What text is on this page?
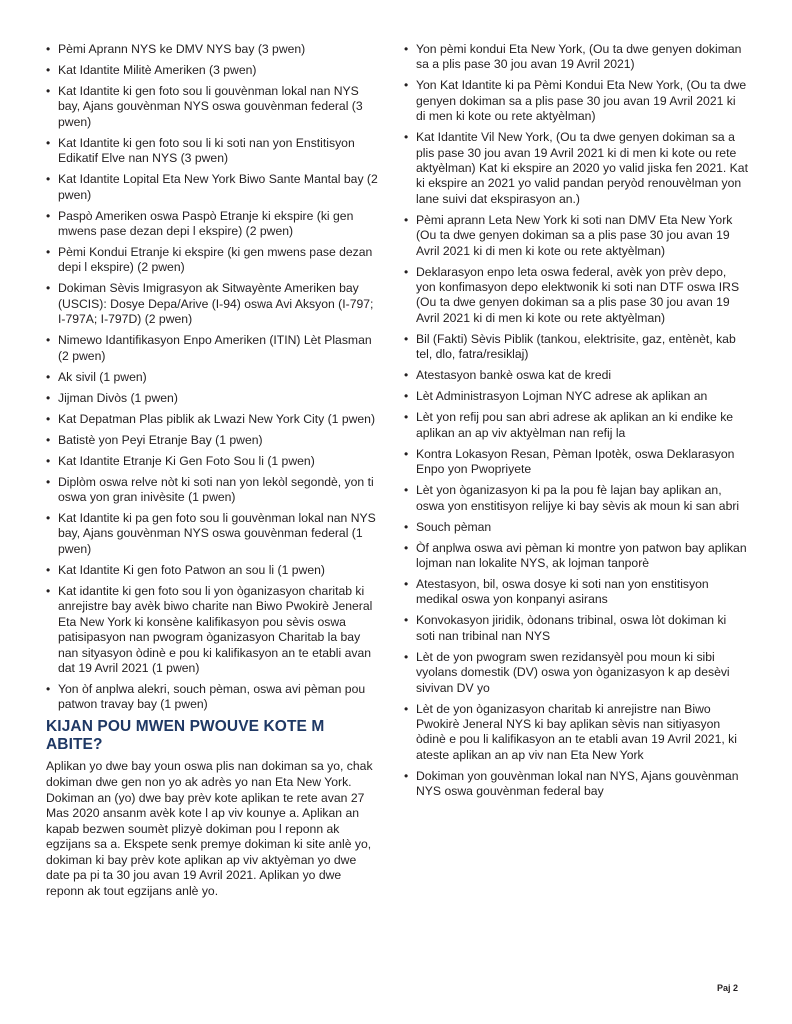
• Pèmi Aprann NYS ke DMV NYS bay (3 pwen)
• Kat Idantite Militè Ameriken (3 pwen)
• Kat Idantite ki gen foto sou li gouvènman lokal nan NYS bay, Ajans gouvènman NYS oswa gouvènman federal (3 pwen)
• Kat Idantite ki gen foto sou li ki soti nan yon Enstitisyon Edikatif Elve nan NYS (3 pwen)
• Kat Idantite Lopital Eta New York Biwo Sante Mantal bay (2 pwen)
• Paspò Ameriken oswa Paspò Etranje ki ekspire (ki gen mwens pase dezan depi l ekspire) (2 pwen)
• Pèmi Kondui Etranje ki ekspire (ki gen mwens pase dezan depi l ekspire) (2 pwen)
• Dokiman Sèvis Imigrasyon ak Sitwayènte Ameriken bay (USCIS): Dosye Depa/Arive (I-94) oswa Avi Aksyon (I-797; I-797A; I-797D) (2 pwen)
• Nimewo Idantifikasyon Enpo Ameriken (ITIN) Lèt Plasman (2 pwen)
• Ak sivil (1 pwen)
• Jijman Divòs (1 pwen)
• Kat Depatman Plas piblik ak Lwazi New York City (1 pwen)
• Batistè yon Peyi Etranje Bay (1 pwen)
• Kat Idantite Etranje Ki Gen Foto Sou li (1 pwen)
• Diplòm oswa relve nòt ki soti nan yon lekòl segondè, yon ti oswa yon gran inivèsite (1 pwen)
• Kat Idantite ki pa gen foto sou li gouvènman lokal nan NYS bay, Ajans gouvènman NYS oswa gouvènman federal (1 pwen)
• Kat Idantite Ki gen foto Patwon an sou li (1 pwen)
• Kat idantite ki gen foto sou li yon òganizasyon charitab ki anrejistre bay avèk biwo charite nan Biwo Pwokirè Jeneral Eta New York ki konsène kalifikasyon pou sèvis oswa patisipasyon nan pwogram òganizasyon Charitab la bay nan sityasyon òdinè e pou ki kalifikasyon an te etabli avan dat 19 Avril 2021 (1 pwen)
• Yon òf anplwa alekri, souch pèman, oswa avi pèman pou patwon travay bay (1 pwen)
KIJAN POU MWEN PWOUVE KOTE M ABITE?

Aplikan yo dwe bay youn oswa plis nan dokiman sa yo, chak dokiman dwe gen non yo ak adrès yo nan Eta New York. Dokiman an (yo) dwe bay prèv kote aplikan te rete avan 27 Mas 2020 ansanm avèk kote l ap viv kounye a. Aplikan an kapab bezwen soumèt plizyè dokiman pou l reponn ak egzijans sa a. Ekspete senk premye dokiman ki site anlè yo, dokiman ki bay prèv kote aplikan ap viv aktyèman yo dwe date pa pi ta 30 jou avan 19 Avril 2021. Aplikan yo dwe reponn ak tout egzijans anlè yo.

• Yon pèmi kondui Eta New York, (Ou ta dwe genyen dokiman sa a plis pase 30 jou avan 19 Avril 2021)
• Yon Kat Idantite ki pa Pèmi Kondui Eta New York, (Ou ta dwe genyen dokiman sa a plis pase 30 jou avan 19 Avril 2021 ki di men ki kote ou rete aktyèlman)
• Kat Idantite Vil New York, (Ou ta dwe genyen dokiman sa a plis pase 30 jou avan 19 Avril 2021 ki di men ki kote ou rete aktyèlman) Kat ki ekspire an 2020 yo valid jiska fen 2021. Kat ki ekspire an 2021 yo valid pandan peryòd renouvèlman yon lane suivi dat ekspirasyon an.)
• Pèmi aprann Leta New York ki soti nan DMV Eta New York (Ou ta dwe genyen dokiman sa a plis pase 30 jou avan 19 Avril 2021 ki di men ki kote ou rete aktyèlman)
• Deklarasyon enpo leta oswa federal, avèk yon prèv depo, yon konfimasyon depo elektwonik ki soti nan DTF oswa IRS (Ou ta dwe genyen dokiman sa a plis pase 30 jou avan 19 Avril 2021 ki di men ki kote ou rete aktyèlman)
• Bil (Fakti) Sèvis Piblik (tankou, elektrisite, gaz, entènèt, kab tel, dlo, fatra/resiklaj)
• Atestasyon bankè oswa kat de kredi
• Lèt Administrasyon Lojman NYC adrese ak aplikan an
• Lèt yon refij pou san abri adrese ak aplikan an ki endike ke aplikan an ap viv aktyèlman nan refij la
• Kontra Lokasyon Resan, Pèman Ipotèk, oswa Deklarasyon Enpo yon Pwopriyete
• Lèt yon òganizasyon ki pa la pou fè lajan bay aplikan an, oswa yon enstitisyon relijye ki bay sèvis ak moun ki san abri
• Souch pèman
• Òf anplwa oswa avi pèman ki montre yon patwon bay aplikan lojman nan lokalite NYS, ak lojman tanporè
• Atestasyon, bil, oswa dosye ki soti nan yon enstitisyon medikal oswa yon konpanyi asirans
• Konvokasyon jiridik, òdonans tribinal, oswa lòt dokiman ki soti nan tribinal nan NYS
• Lèt de yon pwogram swen rezidansyèl pou moun ki sibi vyolans domestik (DV) oswa yon òganizasyon k ap desèvi sivivan DV yo
• Lèt de yon òganizasyon charitab ki anrejistre nan Biwo Pwokirè Jeneral NYS ki bay aplikan sèvis nan sitiyasyon òdinè e pou li kalifikasyon an te etabli avan 19 Avril 2021, ki ateste aplikan an ap viv nan Eta New York
• Dokiman yon gouvènman lokal nan NYS, Ajans gouvènman NYS oswa gouvènman federal bay
Paj 2
